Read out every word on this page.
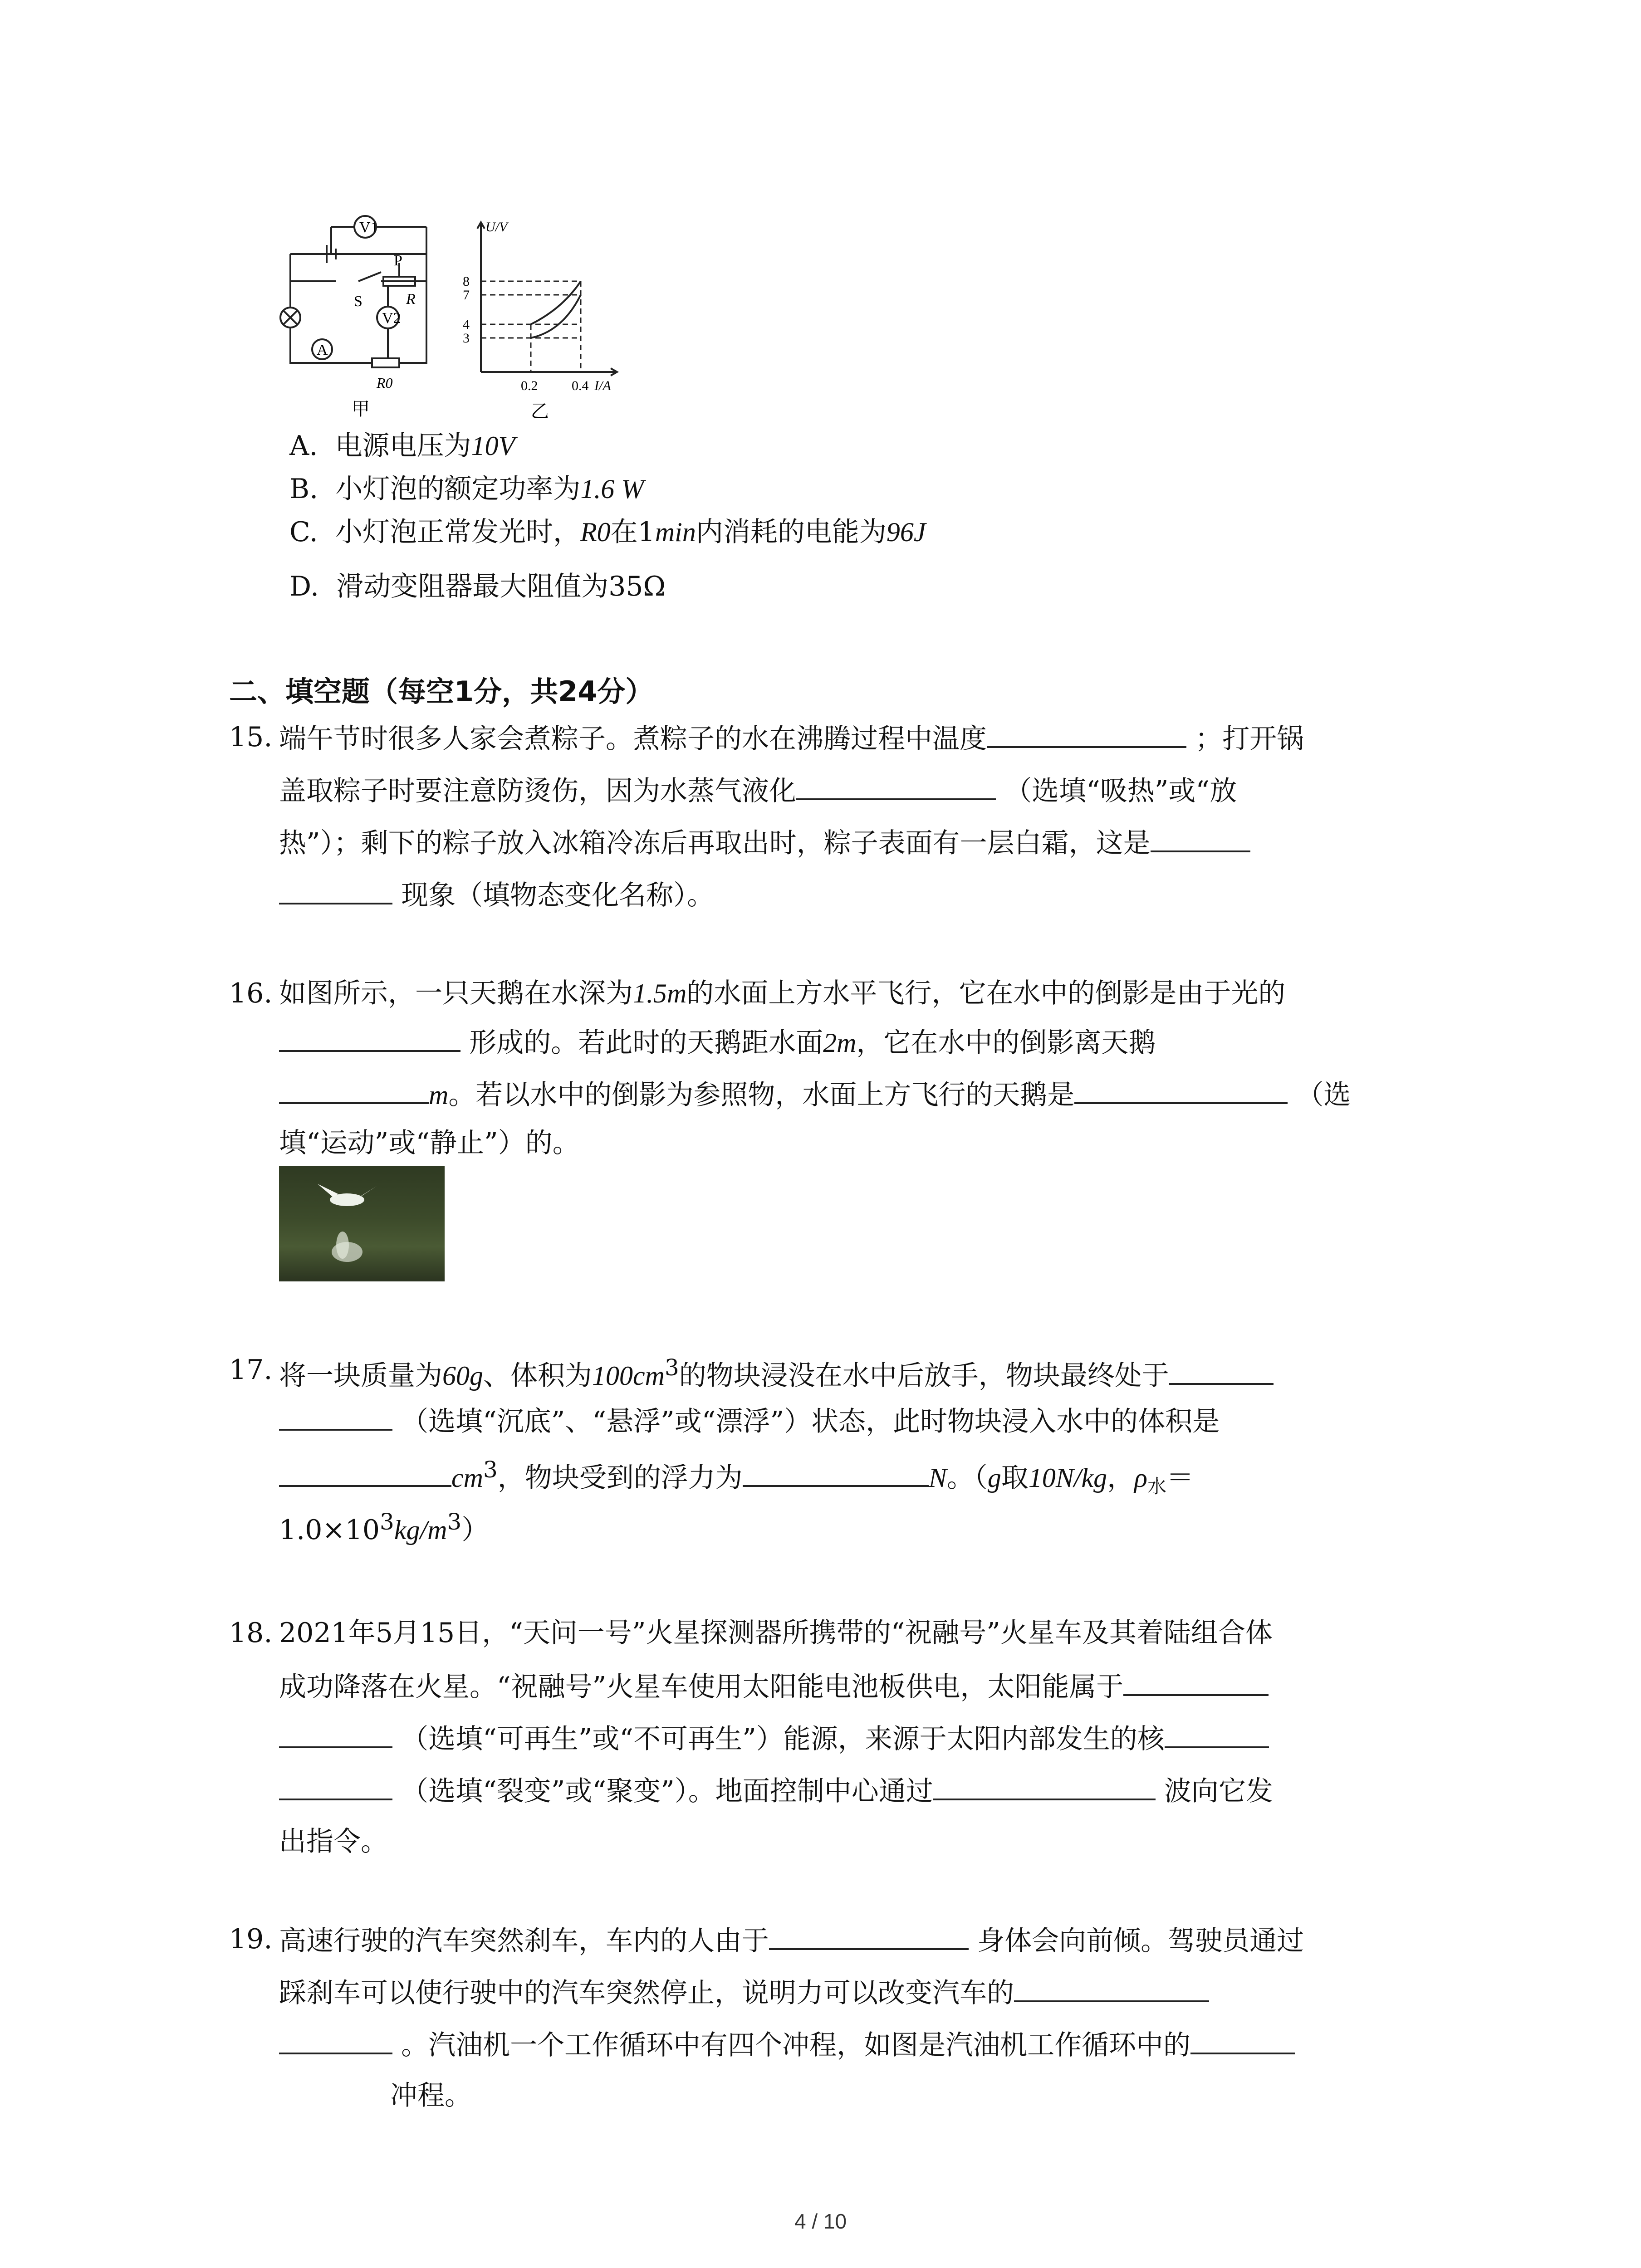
V1
A
V2
S
P
R
R0
甲
U/V
8
7
4
3
0.2 0.4 I/A
乙
A. 电源电压为10V
B. 小灯泡的额定功率为1.6 W
C. 小灯泡正常发光时，R0在1min内消耗的电能为96J
D. 滑动变阻器最大阻值为35Ω
二、填空题（每空1分，共24分）
15. 端午节时很多人家会煮粽子。煮粽子的水在沸腾过程中温度	；打开锅
盖取粽子时要注意防烫伤，因为水蒸气液化	（选填“吸热”或“放
热”）；剩下的粽子放入冰箱冷冻后再取出时，粽子表面有一层白霜，这是
现象（填物态变化名称）。
16. 如图所示，一只天鹅在水深为1.5m的水面上方水平飞行，它在水中的倒影是由于光的
形成的。若此时的天鹅距水面2m，它在水中的倒影离天鹅
m。若以水中的倒影为参照物，水面上方飞行的天鹅是	（选
填“运动”或“静止”）的。
17. 将一块质量为60g、体积为$100cm^3$的物块浸没在水中后放手，物块最终处于
（选填“沉底”、“悬浮”或“漂浮”）状态，此时物块浸入水中的体积是
$cm^3$，物块受到的浮力为	N。（g取10N/kg，$\rho_水=$
$1.0\times 10^3kg/m^3$）
18. 2021年5月15日，“天问一号”火星探测器所携带的“祝融号”火星车及其着陆组合体
成功降落在火星。“祝融号”火星车使用太阳能电池板供电，太阳能属于
（选填“可再生”或“不可再生”）能源，来源于太阳内部发生的核
（选填“裂变”或“聚变”）。地面控制中心通过	波向它发
出指令。
19. 高速行驶的汽车突然刹车，车内的人由于	身体会向前倾。驾驶员通过
踩刹车可以使行驶中的汽车突然停止，说明力可以改变汽车的
。汽油机一个工作循环中有四个冲程，如图是汽油机工作循环中的
冲程。
4 / 10
